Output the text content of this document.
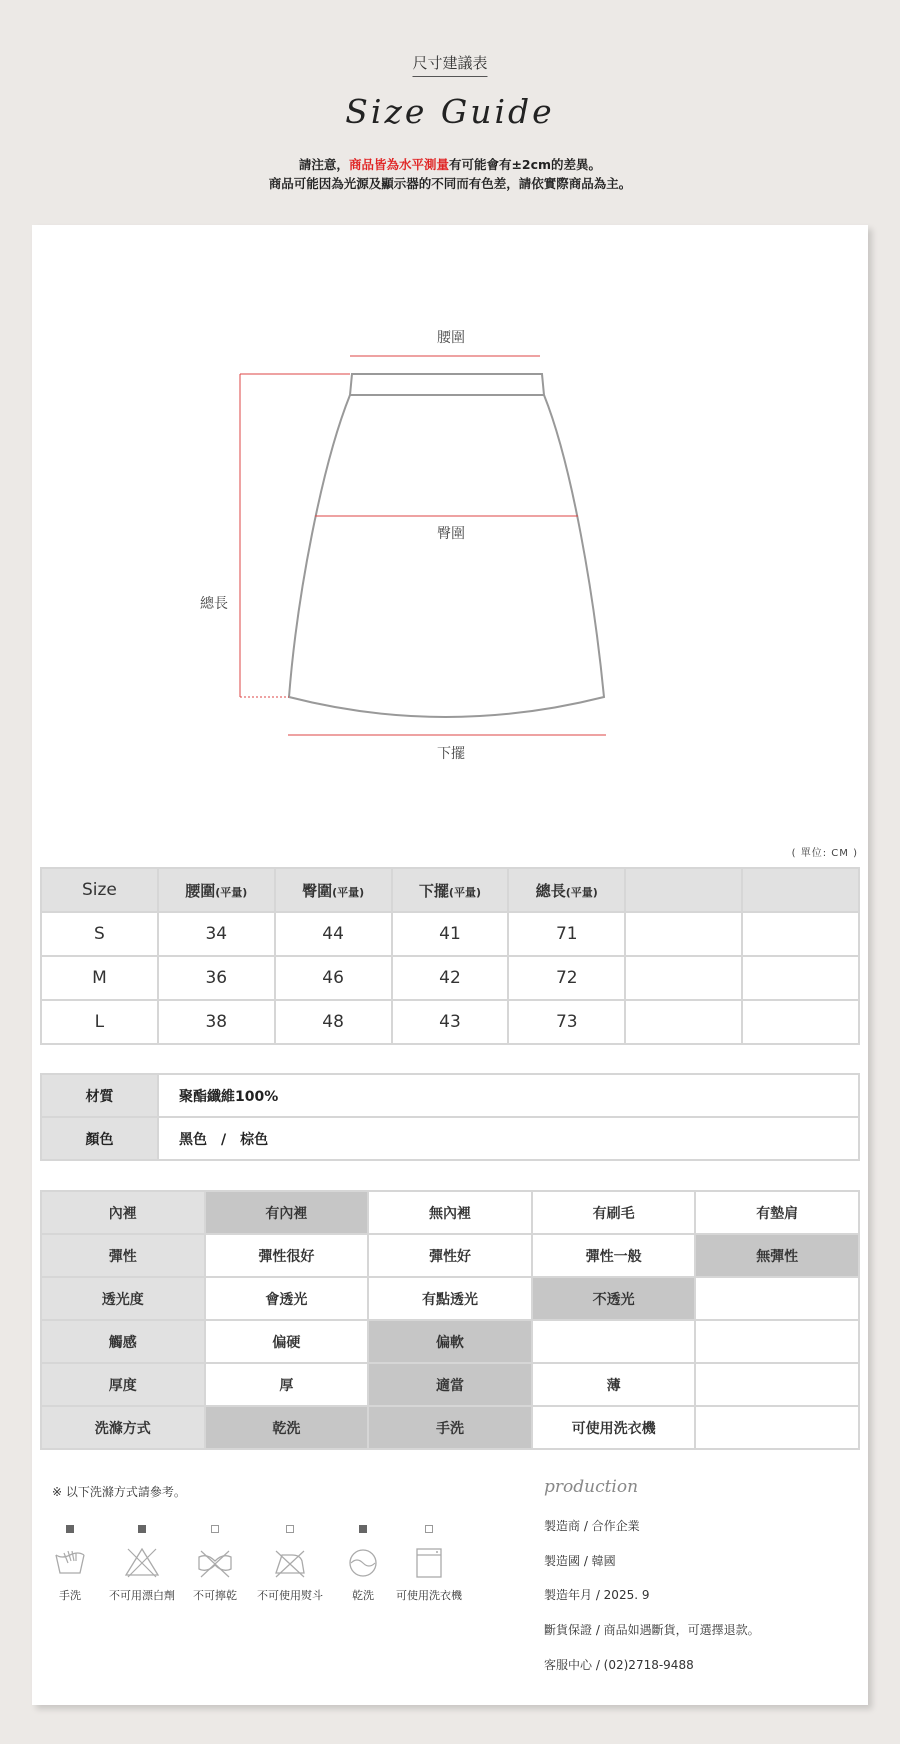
尺寸建議表
Size Guide
請注意，商品皆為水平測量有可能會有±2cm的差異。
商品可能因為光源及顯示器的不同而有色差，請依實際商品為主。
腰圍
臀圍
總長
下擺
( 單位: CM )
Size	腰圍(平量)	臀圍(平量)	下擺(平量)	總長(平量)		
S	34	44	41	71		
M	36	46	42	72		
L	38	48	43	73		
材質	聚酯纖維100%
顏色	黑色　/　棕色
內裡	有內裡	無內裡	有刷毛	有墊肩
彈性	彈性很好	彈性好	彈性一般	無彈性
透光度	會透光	有點透光	不透光	
觸感	偏硬	偏軟		
厚度	厚	適當	薄	
洗滌方式	乾洗	手洗	可使用洗衣機	
※ 以下洗滌方式請參考。
手洗	不可用漂白劑	不可擰乾	不可使用熨斗	乾洗	可使用洗衣機
production
製造商 / 合作企業
製造國 / 韓國
製造年月 / 2025. 9
斷貨保證 / 商品如遇斷貨，可選擇退款。
客服中心 / (02)2718-9488
